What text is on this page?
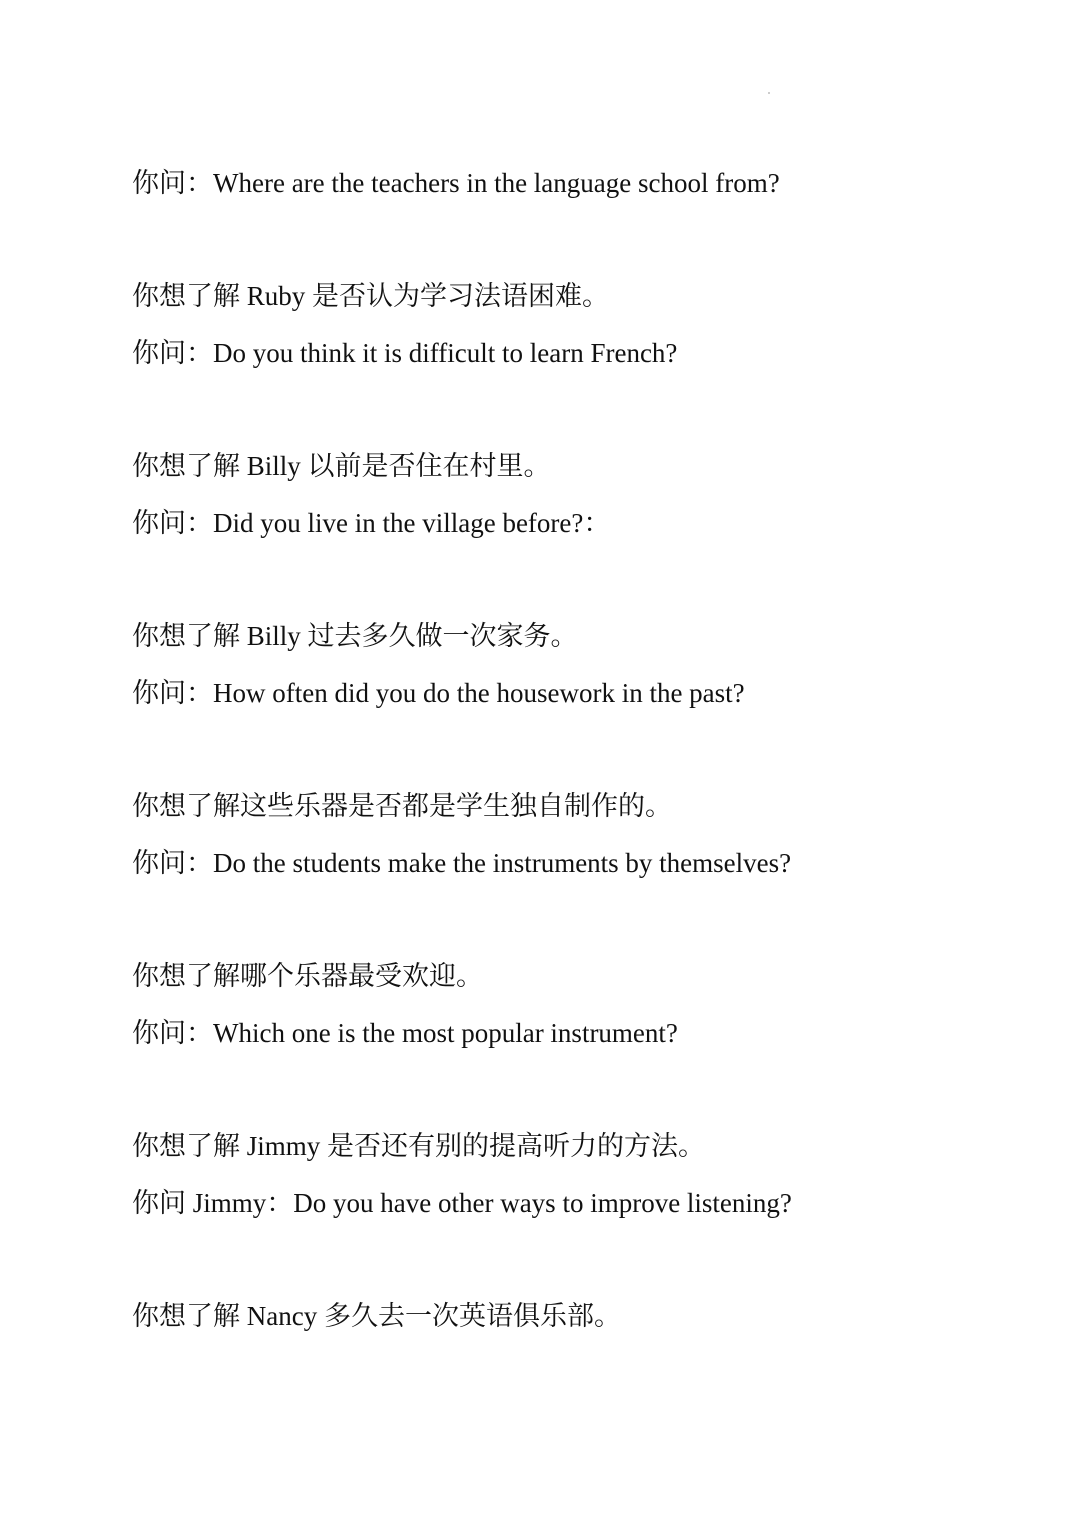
你问：Where are the teachers in the language school from?
你想了解 Ruby 是否认为学习法语困难。
你问：Do you think it is difficult to learn French?
你想了解 Billy 以前是否住在村里。
你问：Did you live in the village before?：
你想了解 Billy 过去多久做一次家务。
你问：How often did you do the housework in the past?
你想了解这些乐器是否都是学生独自制作的。
你问：Do the students make the instruments by themselves?
你想了解哪个乐器最受欢迎。
你问：Which one is the most popular instrument?
你想了解 Jimmy 是否还有别的提高听力的方法。
你问 Jimmy：Do you have other ways to improve listening?
你想了解 Nancy 多久去一次英语俱乐部。
